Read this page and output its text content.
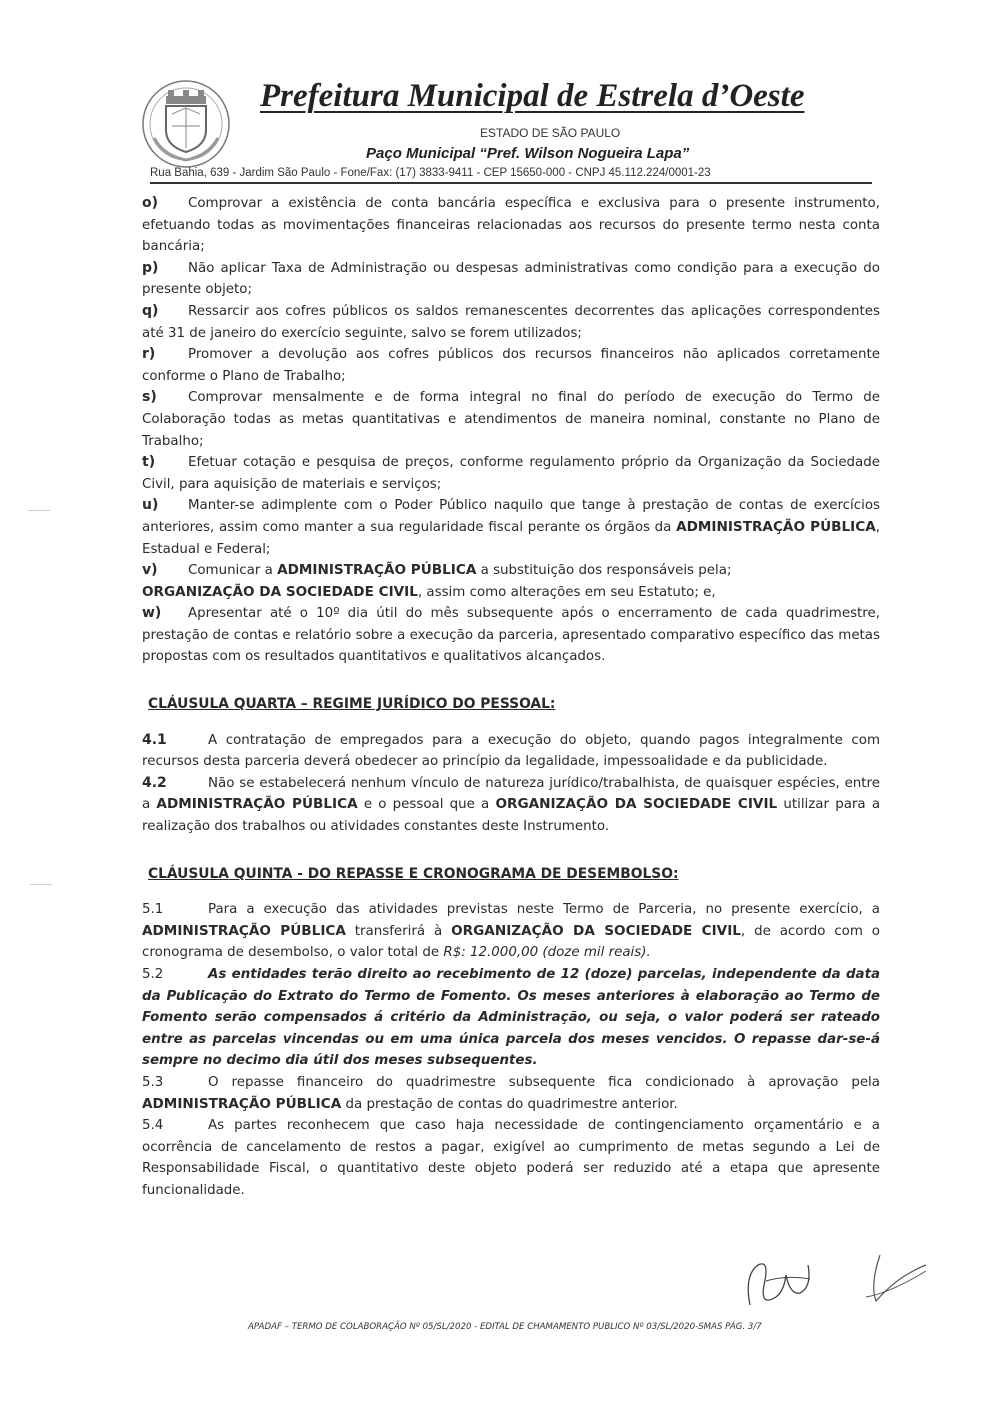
Prefeitura Municipal de Estrela d’Oeste
ESTADO DE SÃO PAULO
Paço Municipal “Pref. Wilson Nogueira Lapa”
Rua Bahia, 639 - Jardim São Paulo - Fone/Fax: (17) 3833-9411 - CEP 15650-000 - CNPJ 45.112.224/0001-23

o) Comprovar a existência de conta bancária específica e exclusiva para o presente instrumento, efetuando todas as movimentações financeiras relacionadas aos recursos do presente termo nesta conta bancária;

p) Não aplicar Taxa de Administração ou despesas administrativas como condição para a execução do presente objeto;

q) Ressarcir aos cofres públicos os saldos remanescentes decorrentes das aplicações correspondentes até 31 de janeiro do exercício seguinte, salvo se forem utilizados;

r) Promover a devolução aos cofres públicos dos recursos financeiros não aplicados corretamente conforme o Plano de Trabalho;

s) Comprovar mensalmente e de forma integral no final do período de execução do Termo de Colaboração todas as metas quantitativas e atendimentos de maneira nominal, constante no Plano de Trabalho;

t) Efetuar cotação e pesquisa de preços, conforme regulamento próprio da Organização da Sociedade Civil, para aquisição de materiais e serviços;

u) Manter-se adimplente com o Poder Público naquilo que tange à prestação de contas de exercícios anteriores, assim como manter a sua regularidade fiscal perante os órgãos da ADMINISTRAÇÃO PÚBLICA, Estadual e Federal;

v) Comunicar a ADMINISTRAÇÃO PÚBLICA a substituição dos responsáveis pela;

ORGANIZAÇÃO DA SOCIEDADE CIVIL, assim como alterações em seu Estatuto; e,

w) Apresentar até o 10º dia útil do mês subsequente após o encerramento de cada quadrimestre, prestação de contas e relatório sobre a execução da parceria, apresentado comparativo específico das metas propostas com os resultados quantitativos e qualitativos alcançados.

CLÁUSULA QUARTA – REGIME JURÍDICO DO PESSOAL:

4.1	A contratação de empregados para a execução do objeto, quando pagos integralmente com recursos desta parceria deverá obedecer ao princípio da legalidade, impessoalidade e da publicidade.

4.2	Não se estabelecerá nenhum vínculo de natureza jurídico/trabalhista, de quaisquer espécies, entre a ADMINISTRAÇÃO PÚBLICA e o pessoal que a ORGANIZAÇÃO DA SOCIEDADE CIVIL utilizar para a realização dos trabalhos ou atividades constantes deste Instrumento.

CLÁUSULA QUINTA - DO REPASSE E CRONOGRAMA DE DESEMBOLSO:

5.1	Para a execução das atividades previstas neste Termo de Parceria, no presente exercício, a ADMINISTRAÇÃO PÚBLICA transferirá à ORGANIZAÇÃO DA SOCIEDADE CIVIL, de acordo com o cronograma de desembolso, o valor total de R$: 12.000,00 (doze mil reais).

5.2	As entidades terão direito ao recebimento de 12 (doze) parcelas, independente da data da Publicação do Extrato do Termo de Fomento. Os meses anteriores à elaboração ao Termo de Fomento serão compensados á critério da Administração, ou seja, o valor poderá ser rateado entre as parcelas vincendas ou em uma única parcela dos meses vencidos. O repasse dar-se-á sempre no decimo dia útil dos meses subsequentes.

5.3	O repasse financeiro do quadrimestre subsequente fica condicionado à aprovação pela ADMINISTRAÇÃO PÚBLICA da prestação de contas do quadrimestre anterior.

5.4	As partes reconhecem que caso haja necessidade de contingenciamento orçamentário e a ocorrência de cancelamento de restos a pagar, exigível ao cumprimento de metas segundo a Lei de Responsabilidade Fiscal, o quantitativo deste objeto poderá ser reduzido até a etapa que apresente funcionalidade.

APADAF – TERMO DE COLABORAÇÃO Nº 05/SL/2020 - EDITAL DE CHAMAMENTO PUBLICO Nº 03/SL/2020-SMAS PÁG. 3/7
